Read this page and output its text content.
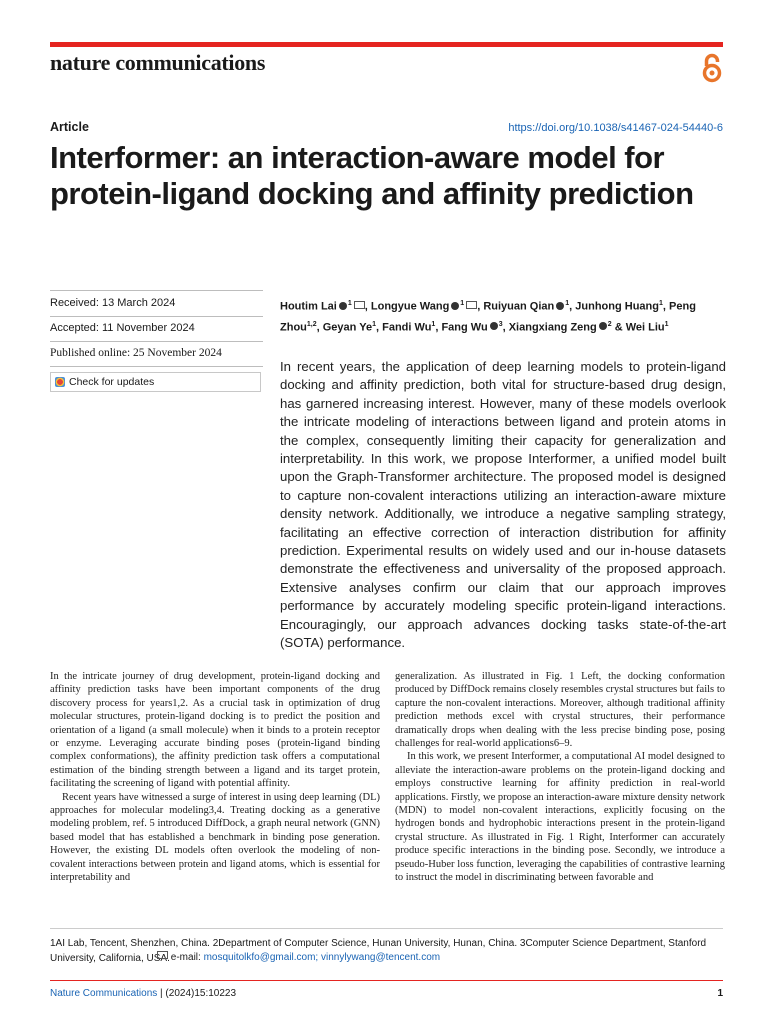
nature communications
Article	https://doi.org/10.1038/s41467-024-54440-6
Interformer: an interaction-aware model for protein-ligand docking and affinity prediction
Received: 13 March 2024
Accepted: 11 November 2024
Published online: 25 November 2024
Check for updates
Houtim Lai $^1$ , Longyue Wang $^1$ , Ruiyuan Qian $^1$, Junhong Huang$^1$, Peng Zhou$^{1,2}$, Geyan Ye$^1$, Fandi Wu$^1$, Fang Wu $^3$, Xiangxiang Zeng $^2$ & Wei Liu$^1$

In recent years, the application of deep learning models to protein-ligand docking and affinity prediction, both vital for structure-based drug design, has garnered increasing interest. However, many of these models overlook the intricate modeling of interactions between ligand and protein atoms in the complex, consequently limiting their capacity for generalization and interpretability. In this work, we propose Interformer, a unified model built upon the Graph-Transformer architecture. The proposed model is designed to capture non-covalent interactions utilizing an interaction-aware mixture density network. Additionally, we introduce a negative sampling strategy, facilitating an effective correction of interaction distribution for affinity prediction. Experimental results on widely used and our in-house datasets demonstrate the effectiveness and universality of the proposed approach. Extensive analyses confirm our claim that our approach improves performance by accurately modeling specific protein-ligand interactions. Encouragingly, our approach advances docking tasks state-of-the-art (SOTA) performance.

In the intricate journey of drug development, protein-ligand docking and affinity prediction tasks have been important components of the drug discovery process for years1,2. As a crucial task in optimization of drug molecular structures, protein-ligand docking is to predict the position and orientation of a ligand (a small molecule) when it binds to a protein receptor or enzyme. Leveraging accurate binding poses (protein-ligand binding complex conformations), the affinity prediction task offers a computational estimation of the binding strength between a ligand and its target protein, facilitating the screening of ligand with potential affinity.

Recent years have witnessed a surge of interest in using deep learning (DL) approaches for molecular modeling3,4. Treating docking as a generative modeling problem, ref. 5 introduced DiffDock, a graph neural network (GNN) based model that has established a benchmark in binding pose generation. However, the existing DL models often overlook the modeling of non-covalent interactions between protein and ligand atoms, which is essential for interpretability and

generalization. As illustrated in Fig. 1 Left, the docking conformation produced by DiffDock remains closely resembles crystal structures but fails to capture the non-covalent interactions. Moreover, although traditional affinity prediction methods excel with crystal structures, their performance dramatically drops when dealing with the less precise binding pose, posing challenges for real-world applications6–9.

In this work, we present Interformer, a computational AI model designed to alleviate the interaction-aware problems on the protein-ligand docking and employs constructive learning for affinity prediction in real-world applications. Firstly, we propose an interaction-aware mixture density network (MDN) to model non-covalent interactions, explicitly focusing on the hydrogen bonds and hydrophobic interactions present in the protein-ligand crystal structure. As illustrated in Fig. 1 Right, Interformer can accurately produce specific interactions in the binding pose. Secondly, we introduce a pseudo-Huber loss function, leveraging the capabilities of contrastive learning to instruct the model in discriminating between favorable and

1AI Lab, Tencent, Shenzhen, China. 2Department of Computer Science, Hunan University, Hunan, China. 3Computer Science Department, Stanford University, California, USA. e-mail: mosquitolkfo@gmail.com; vinnylywang@tencent.com
Nature Communications | (2024)15:10223	1
